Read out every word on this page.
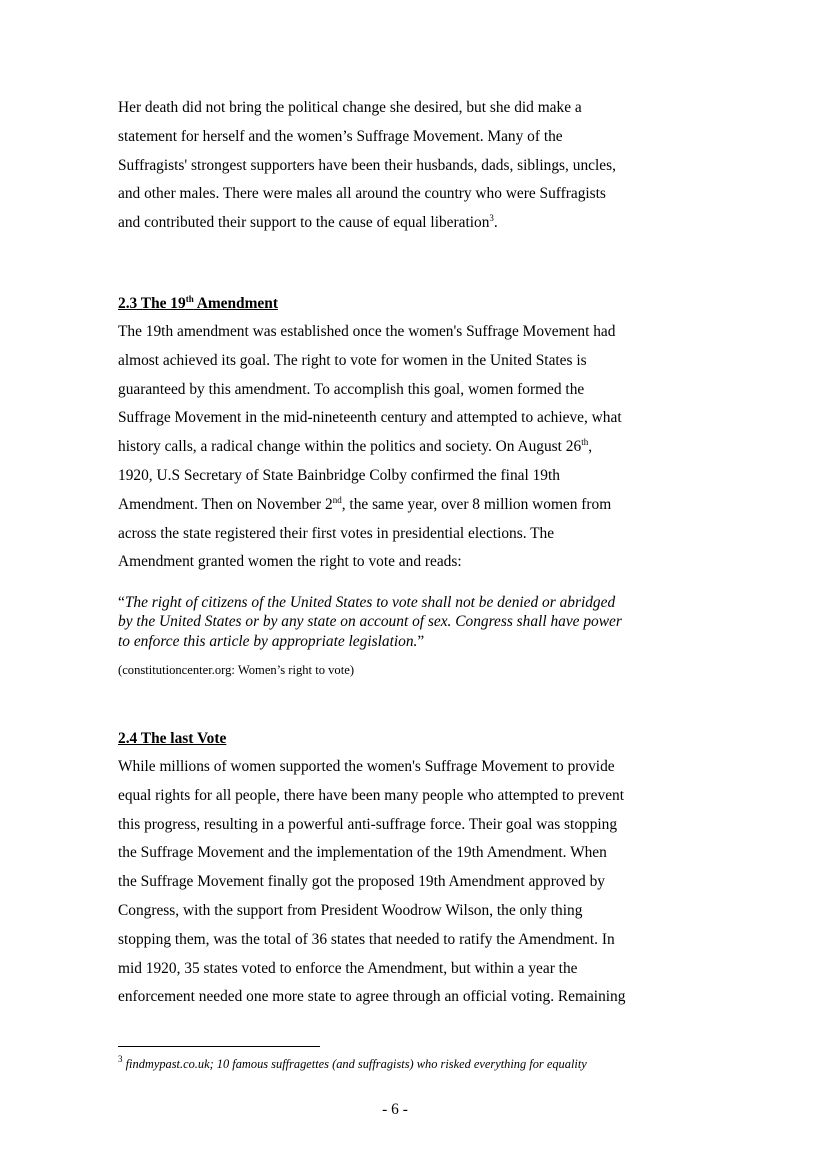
Her death did not bring the political change she desired, but she did make a
statement for herself and the women’s Suffrage Movement. Many of the
Suffragists' strongest supporters have been their husbands, dads, siblings, uncles,
and other males. There were males all around the country who were Suffragists
and contributed their support to the cause of equal liberation$^3$.

2.3 The 19th Amendment

The 19th amendment was established once the women's Suffrage Movement had
almost achieved its goal. The right to vote for women in the United States is
guaranteed by this amendment. To accomplish this goal, women formed the
Suffrage Movement in the mid-nineteenth century and attempted to achieve, what
history calls, a radical change within the politics and society. On August 26th,
1920, U.S Secretary of State Bainbridge Colby confirmed the final 19th
Amendment. Then on November 2nd, the same year, over 8 million women from
across the state registered their first votes in presidential elections. The
Amendment granted women the right to vote and reads:

“The right of citizens of the United States to vote shall not be denied or abridged
by the United States or by any state on account of sex. Congress shall have power
to enforce this article by appropriate legislation.”

(constitutioncenter.org: Women’s right to vote)

2.4 The last Vote

While millions of women supported the women's Suffrage Movement to provide
equal rights for all people, there have been many people who attempted to prevent
this progress, resulting in a powerful anti-suffrage force. Their goal was stopping
the Suffrage Movement and the implementation of the 19th Amendment. When
the Suffrage Movement finally got the proposed 19th Amendment approved by
Congress, with the support from President Woodrow Wilson, the only thing
stopping them, was the total of 36 states that needed to ratify the Amendment. In
mid 1920, 35 states voted to enforce the Amendment, but within a year the
enforcement needed one more state to agree through an official voting. Remaining

$^3$ findmypast.co.uk; 10 famous suffragettes (and suffragists) who risked everything for equality

- 6 -
